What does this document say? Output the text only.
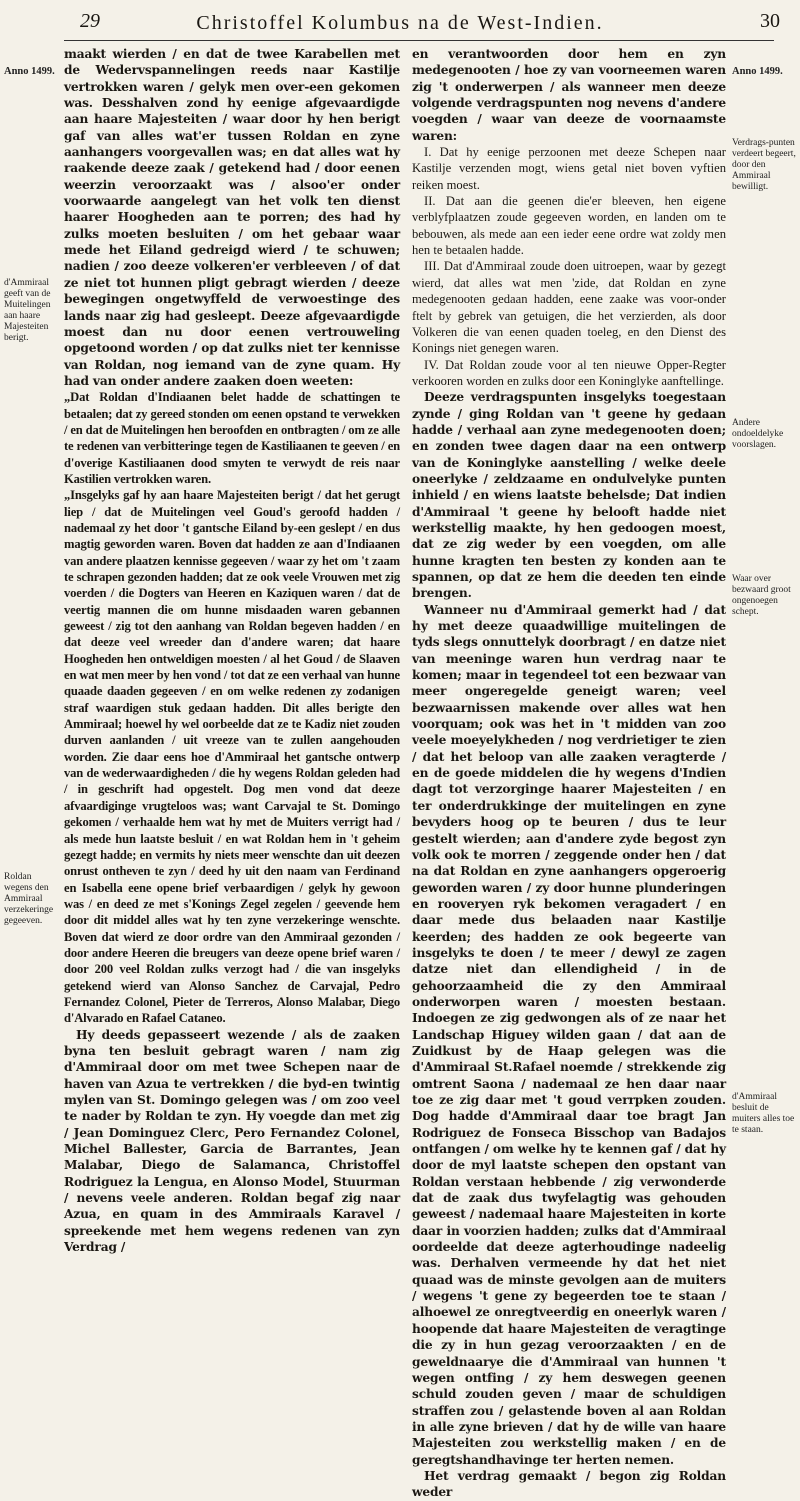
29	Christoffel Kolumbus na de West-Indien.	30
Anno 1499.
d'Ammiraal geeft van de Muitelingen aan haare Majesteiten berigt.
Roldan wegens den Ammiraal verzekeringe gegeeven.
Anno 1499.
Verdrags-punten verdeert begeert, door den Ammiraal bewilligt.
Andere ondoeldelyke voorslagen.
Waar over bezwaard groot ongenoegen schept.
d'Ammiraal besluit de muiters alles toe te staan.

maakt wierden / en dat de twee Karabellen met de Wedervspannelingen reeds naar Kastilje vertrokken waren / gelyk men over-een gekomen was. Desshalven zond hy eenige afgevaardigde aan haare Majesteiten / waar door hy hen berigt gaf van alles wat'er tussen Roldan en zyne aanhangers voorgevallen was; en dat alles wat hy raakende deeze zaak / getekend had / door eenen weerzin veroorzaakt was / alsoo'er onder voorwaarde aangelegt van het volk ten dienst haarer Hoogheden aan te porren; des had hy zulks moeten besluiten / om het gebaar waar mede het Eiland gedreigd wierd / te schuwen; nadien / zoo deeze volkeren'er verbleeven / of dat ze niet tot hunnen pligt gebragt wierden / deeze bewegingen ongetwyffeld de verwoestinge des lands naar zig had gesleept. Deeze afgevaardigde moest dan nu door eenen vertrouweling opgetoond worden / op dat zulks niet ter kennisse van Roldan, nog iemand van de zyne quam. Hy had van onder andere zaaken doen weeten:

„Dat Roldan d'Indiaanen belet hadde de schattingen te betaalen; dat zy gereed stonden om eenen opstand te verwekken / en dat de Muitelingen hen beroofden en ontbragten / om ze alle te redenen van verbitteringe tegen de Kastiliaanen te geeven / en d'overige Kastiliaanen dood smyten te verwydt de reis naar Kastilien vertrokken waren.

„Insgelyks gaf hy aan haare Majesteiten berigt / dat het gerugt liep / dat de Muitelingen veel Goud's geroofd hadden / nademaal zy het door 't gantsche Eiland by-een geslept / en dus magtig geworden waren. Boven dat hadden ze aan d'Indiaanen van andere plaatzen kennisse gegeeven / waar zy het om 't zaam te schrapen gezonden hadden; dat ze ook veele Vrouwen met zig voerden / die Dogters van Heeren en Kaziquen waren / dat de veertig mannen die om hunne misdaaden waren gebannen geweest / zig tot den aanhang van Roldan begeven hadden / en dat deeze veel wreeder dan d'andere waren; dat haare Hoogheden hen ontweldigen moesten / al het Goud / de Slaaven en wat men meer by hen vond / tot dat ze een verhaal van hunne quaade daaden gegeeven / en om welke redenen zy zodanigen straf waardigen stuk gedaan hadden. Dit alles berigte den Ammiraal; hoewel hy wel oorbeelde dat ze te Kadiz niet zouden durven aanlanden / uit vreeze van te zullen aangehouden worden. Zie daar eens hoe d'Ammiraal het gantsche ontwerp van de wederwaardigheden / die hy wegens Roldan geleden had / in geschrift had opgestelt. Dog men vond dat deeze afvaardiginge vrugteloos was; want Carvajal te St. Domingo gekomen / verhaalde hem wat hy met de Muiters verrigt had / als mede hun laatste besluit / en wat Roldan hem in 't geheim gezegt hadde; en vermits hy niets meer wenschte dan uit deezen onrust ontheven te zyn / deed hy uit den naam van Ferdinand en Isabella eene opene brief verbaardigen / gelyk hy gewoon was / en deed ze met s'Konings Zegel zegelen / geevende hem door dit middel alles wat hy ten zyne verzekeringe wenschte. Boven dat wierd ze door ordre van den Ammiraal gezonden / door andere Heeren die breugers van deeze opene brief waren / door 200 veel Roldan zulks verzogt had / die van insgelyks getekend wierd van Alonso Sanchez de Carvajal, Pedro Fernandez Colonel, Pieter de Terreros, Alonso Malabar, Diego d'Alvarado en Rafael Cataneo.

Hy deeds gepasseert wezende / als de zaaken byna ten besluit gebragt waren / nam zig d'Ammiraal door om met twee Schepen naar de haven van Azua te vertrekken / die byd-en twintig mylen van St. Domingo gelegen was / om zoo veel te nader by Roldan te zyn. Hy voegde dan met zig / Jean Dominguez Clerc, Pero Fernandez Colonel, Michel Ballester, Garcia de Barrantes, Jean Malabar, Diego de Salamanca, Christoffel Rodriguez la Lengua, en Alonso Model, Stuurman / nevens veele anderen. Roldan begaf zig naar Azua, en quam in des Ammiraals Karavel / spreekende met hem wegens redenen van zyn Verdrag /

en verantwoorden door hem en zyn medegenooten / hoe zy van voorneemen waren zig 't onderwerpen / als wanneer men deeze volgende verdragspunten nog nevens d'andere voegden / waar van deeze de voornaamste waren:

I. Dat hy eenige perzoonen met deeze Schepen naar Kastilje verzenden mogt, wiens getal niet boven vyftien reiken moest.

II. Dat aan die geenen die'er bleeven, hen eigene verblyfplaatzen zoude gegeeven worden, en landen om te bebouwen, als mede aan een ieder eene ordre wat zoldy men hen te betaalen hadde.

III. Dat d'Ammiraal zoude doen uitroepen, waar by gezegt wierd, dat alles wat men 'zide, dat Roldan en zyne medegenooten gedaan hadden, eene zaake was voor-onder ftelt by gebrek van getuigen, die het verzierden, als door Volkeren die van eenen quaden toeleg, en den Dienst des Konings niet genegen waren.

IV. Dat Roldan zoude voor al ten nieuwe Opper-Regter verkooren worden en zulks door een Koninglyke aanftellinge.

Deeze verdragspunten insgelyks toegestaan zynde / ging Roldan van 't geene hy gedaan hadde / verhaal aan zyne medegenooten doen; en zonden twee dagen daar na een ontwerp van de Koninglyke aanstelling / welke deele oneerlyke / zeldzaame en ondulvelyke punten inhield / en wiens laatste behelsde; Dat indien d'Ammiraal 't geene hy belooft hadde niet werkstellig maakte, hy hen gedoogen moest, dat ze zig weder by een voegden, om alle hunne kragten ten besten zy konden aan te spannen, op dat ze hem die deeden ten einde brengen.

Wanneer nu d'Ammiraal gemerkt had / dat hy met deeze quaadwillige muitelingen de tyds slegs onnuttelyk doorbragt / en datze niet van meeninge waren hun verdrag naar te komen; maar in tegendeel tot een bezwaar van meer ongeregelde geneigt waren; veel bezwaarnissen makende over alles wat hen voorquam; ook was het in 't midden van zoo veele moeyelykheden / nog verdrietiger te zien / dat het beloop van alle zaaken veragterde / en de goede middelen die hy wegens d'Indien dagt tot verzorginge haarer Majesteiten / en ter onderdrukkinge der muitelingen en zyne bevyders hoog op te beuren / dus te leur gestelt wierden; aan d'andere zyde begost zyn volk ook te morren / zeggende onder hen / dat na dat Roldan en zyne aanhangers opgeroerig geworden waren / zy door hunne plunderingen en rooveryen ryk bekomen veragadert / en daar mede dus belaaden naar Kastilje keerden; des hadden ze ook begeerte van insgelyks te doen / te meer / dewyl ze zagen datze niet dan ellendigheid / in de gehoorzaamheid die zy den Ammiraal onderworpen waren / moesten bestaan. Indoegen ze zig gedwongen als of ze naar het Landschap Higuey wilden gaan / dat aan de Zuidkust by de Haap gelegen was die d'Ammiraal St.Rafael noemde / strekkende zig omtrent Saona / nademaal ze hen daar naar toe ze zig daar met 't goud verrpken zouden. Dog hadde d'Ammiraal daar toe bragt Jan Rodriguez de Fonseca Bisschop van Badajos ontfangen / om welke hy te kennen gaf / dat hy door de myl laatste schepen den opstant van Roldan verstaan hebbende / zig verwonderde dat de zaak dus twyfelagtig was gehouden geweest / nademaal haare Majesteiten in korte daar in voorzien hadden; zulks dat d'Ammiraal oordeelde dat deeze agterhoudinge nadeelig was. Derhalven vermeende hy dat het niet quaad was de minste gevolgen aan de muiters / wegens 't gene zy begeerden toe te staan / alhoewel ze onregtveerdig en oneerlyk waren / hoopende dat haare Majesteiten de veragtinge die zy in hun gezag veroorzaakten / en de geweldnaarye die d'Ammiraal van hunnen 't wegen ontfing / zy hem deswegen geenen schuld zouden geven / maar de schuldigen straffen zou / gelastende boven al aan Roldan in alle zyne brieven / dat hy de wille van haare Majesteiten zou werkstellig maken / en de geregtshandhavinge ter herten nemen.

Het verdrag gemaakt / begon zig Roldan weder
